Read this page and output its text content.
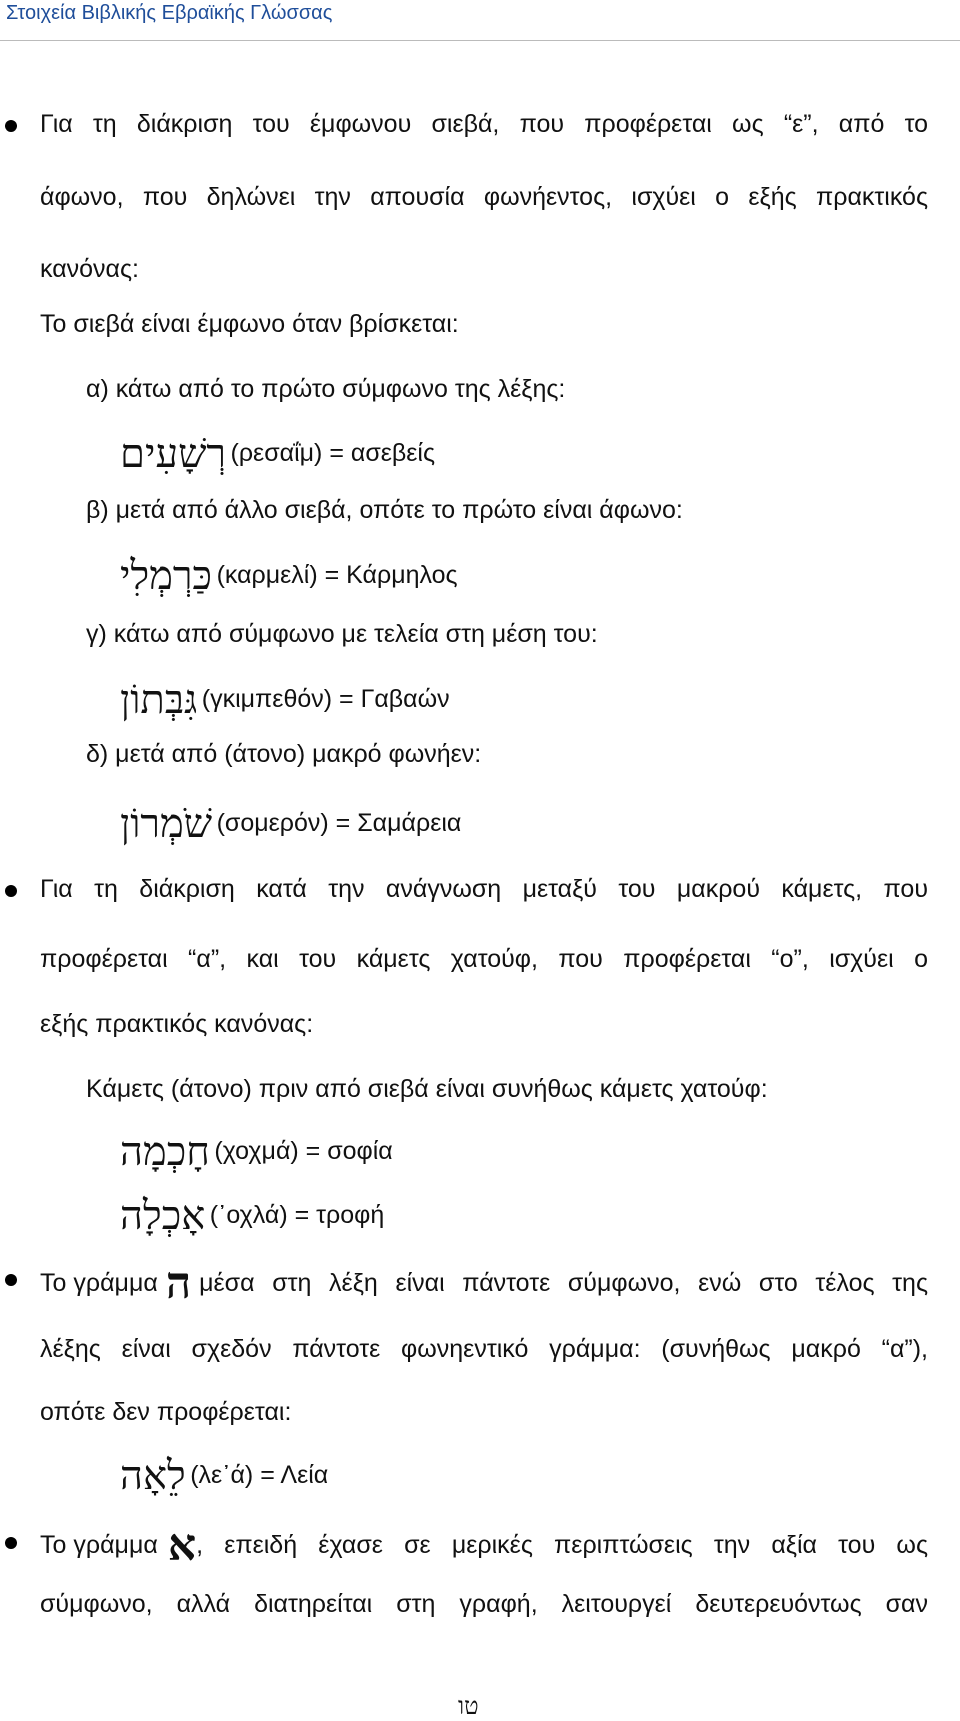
Στοιχεία Βιβλικής Εβραϊκής Γλώσσας
Για τη διάκριση του έμφωνου σιεβά, που προφέρεται ως “ε”, από το
άφωνο, που δηλώνει την απουσία φωνήεντος, ισχύει ο εξής πρακτικός
κανόνας:
Το σιεβά είναι έμφωνο όταν βρίσκεται:
α) κάτω από το πρώτο σύμφωνο της λέξης:
רְשָׁעִים (ρεσαΐμ) = ασεβείς
β) μετά από άλλο σιεβά, οπότε το πρώτο είναι άφωνο:
כַּרְמְלִי (καρμελί) = Κάρμηλος
γ) κάτω από σύμφωνο με τελεία στη μέση του:
גִּבְּתוֹן (γκιμπεθόν) = Γαβαών
δ) μετά από (άτονο) μακρό φωνήεν:
שֹׁמְרוֹן (σομερόν) = Σαμάρεια
Για τη διάκριση κατά την ανάγνωση μεταξύ του μακρού κάμετς, που
προφέρεται “α”, και του κάμετς χατούφ, που προφέρεται “ο”, ισχύει ο
εξής πρακτικός κανόνας:
Κάμετς (άτονο) πριν από σιεβά είναι συνήθως κάμετς χατούφ:
חָכְמָה (χοχμά) = σοφία
אָכְלָה (᾿οχλά) = τροφή
Το γράμμα ה μέσα στη λέξη είναι πάντοτε σύμφωνο, ενώ στο τέλος της
λέξης είναι σχεδόν πάντοτε φωνηεντικό γράμμα: (συνήθως μακρό “α”),
οπότε δεν προφέρεται:
לֵאָה (λε᾿ά) = Λεία
Το γράμμα א , επειδή έχασε σε μερικές περιπτώσεις την αξία του ως
σύμφωνο, αλλά διατηρείται στη γραφή, λειτουργεί δευτερευόντως σαν
טו
